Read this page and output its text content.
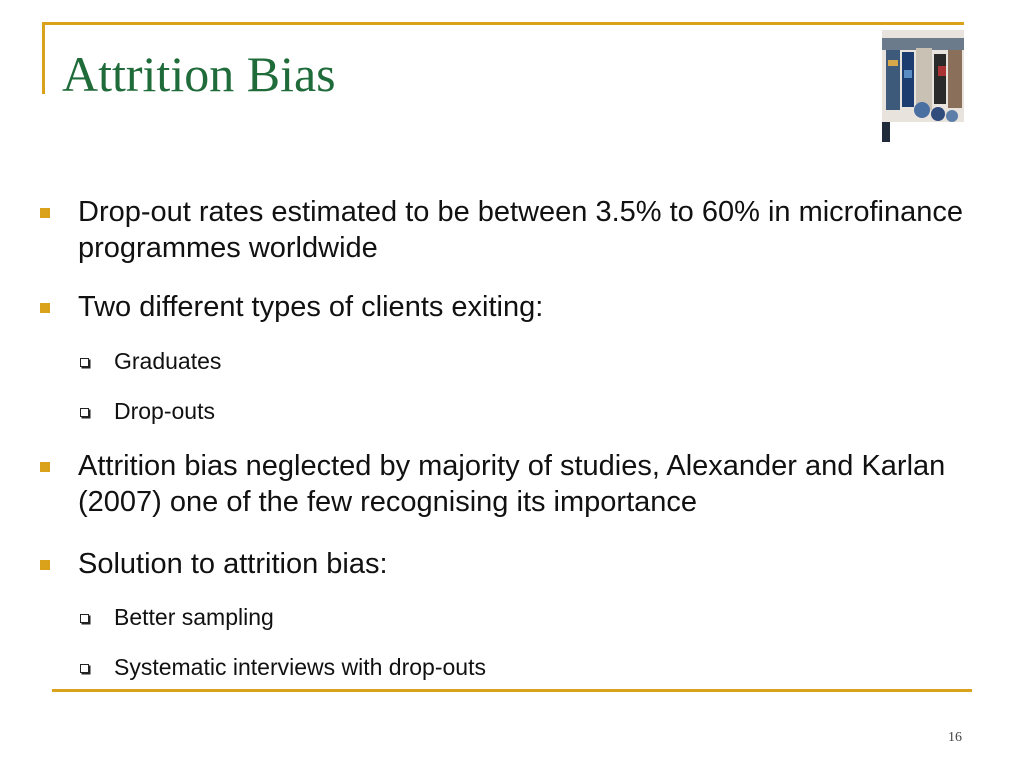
Attrition Bias
Drop-out rates estimated to be between 3.5% to 60% in microfinance programmes worldwide
Two different types of clients exiting:
Graduates
Drop-outs
Attrition bias neglected by majority of studies, Alexander and Karlan (2007) one of the few recognising its importance
Solution to attrition bias:
Better sampling
Systematic interviews with drop-outs
16
